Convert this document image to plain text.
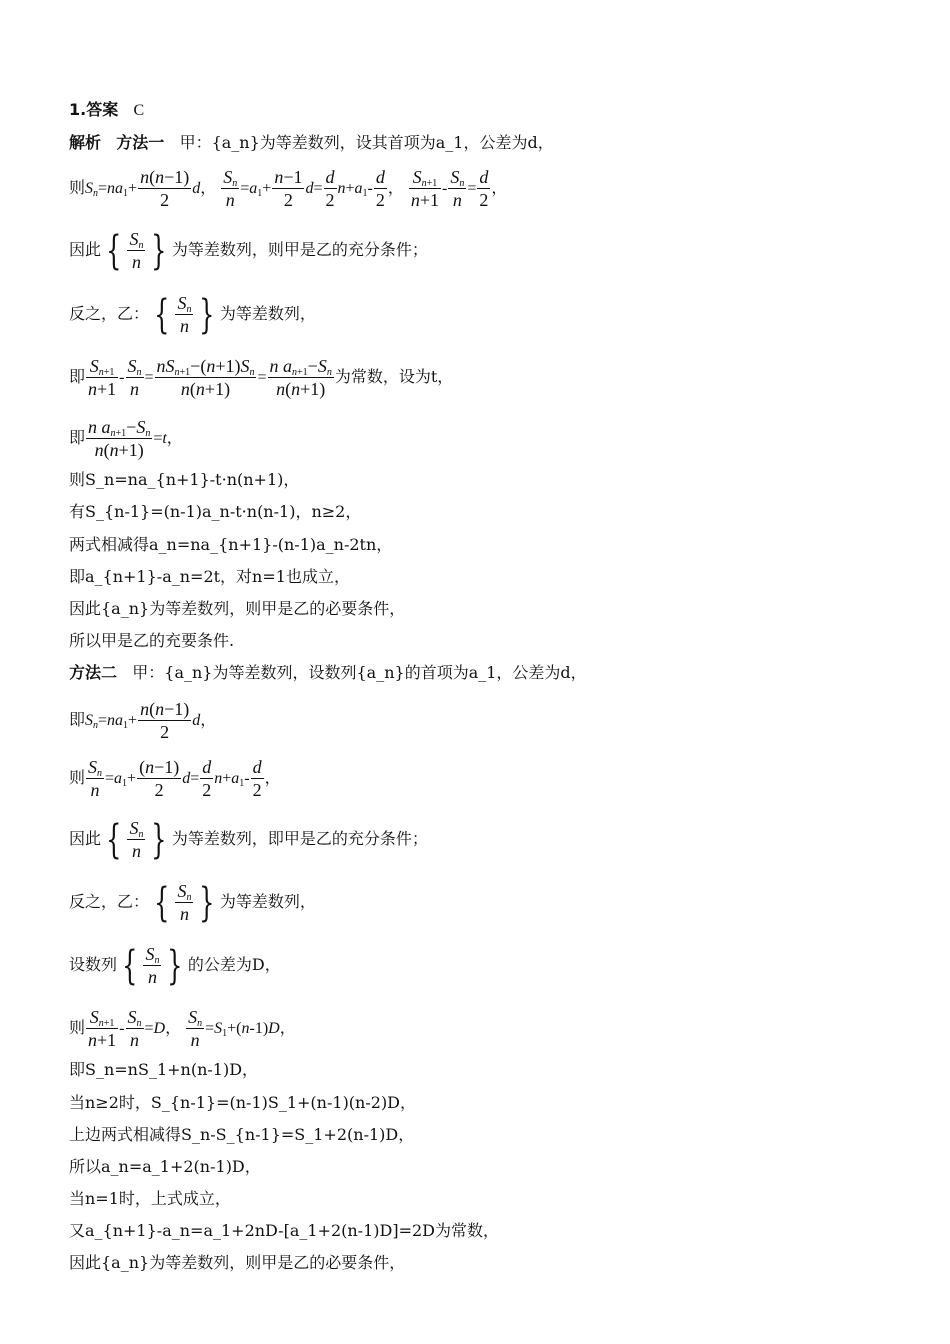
1.答案 C
解析 方法一 甲：{a_n}为等差数列，设其首项为a_1，公差为d，
则$S_n=na_1+ \frac{n(n-1)}{2}$ d， $\frac{S_n}{n} =a_1+ \frac{n-1}{2} d= \frac{d}{2} n+a_1- \frac{d}{2}$ ， $\frac{S_{n+1}}{n+1} - \frac{S_n}{n} = \frac{d}{2}$ ，
因此 { $\frac{S_n}{n}$ } 为等差数列，则甲是乙的充分条件；
反之，乙： { $\frac{S_n}{n}$ } 为等差数列，
即 $\frac{S_{n+1}}{n+1} - \frac{S_n}{n} = \frac{nS_{n+1}-(n+1)S_n}{n(n+1)} = \frac{n a_{n+1}-S_n}{n(n+1)}$ 为常数，设为t，
即 $\frac{n a_{n+1}-S_n}{n(n+1)} =t$，
则S_n=na_{n+1}-t·n(n+1)，
有S_{n-1}=(n-1)a_n-t·n(n-1)，n≥2，
两式相减得a_n=na_{n+1}-(n-1)a_n-2tn，
即a_{n+1}-a_n=2t，对n=1也成立，
因此{a_n}为等差数列，则甲是乙的必要条件，
所以甲是乙的充要条件.
方法二 甲：{a_n}为等差数列，设数列{a_n}的首项为a_1，公差为d，
即$S_n=na_1+ \frac{n(n-1)}{2}$ d，
则 $\frac{S_n}{n} =a_1+ \frac{(n-1)}{2} d= \frac{d}{2} n+a_1- \frac{d}{2}$ ，
因此 { $\frac{S_n}{n}$ } 为等差数列，即甲是乙的充分条件；
反之，乙： { $\frac{S_n}{n}$ } 为等差数列，
设数列 { $\frac{S_n}{n}$ } 的公差为D，
则 $\frac{S_{n+1}}{n+1} - \frac{S_n}{n} =D$， $\frac{S_n}{n} =S_1+(n-1)D$，
即S_n=nS_1+n(n-1)D，
当n≥2时，S_{n-1}=(n-1)S_1+(n-1)(n-2)D，
上边两式相减得S_n-S_{n-1}=S_1+2(n-1)D，
所以a_n=a_1+2(n-1)D，
当n=1时，上式成立，
又a_{n+1}-a_n=a_1+2nD-[a_1+2(n-1)D]=2D为常数，
因此{a_n}为等差数列，则甲是乙的必要条件，
